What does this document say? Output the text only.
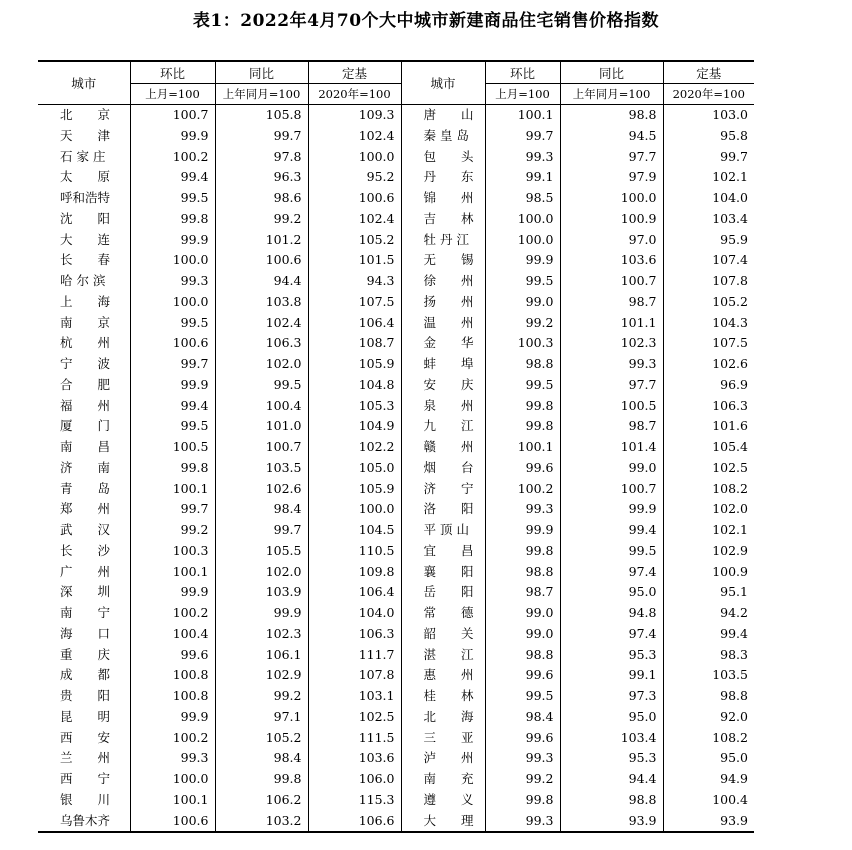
表1：2022年4月70个大中城市新建商品住宅销售价格指数
城市	环比	同比	定基	城市	环比	同比	定基
	上月=100	上年同月=100	2020年=100		上月=100	上年同月=100	2020年=100
北　　京	100.7	105.8	109.3	唐　　山	100.1	98.8	103.0
天　　津	99.9	99.7	102.4	秦 皇 岛	99.7	94.5	95.8
石 家 庄	100.2	97.8	100.0	包　　头	99.3	97.7	99.7
太　　原	99.4	96.3	95.2	丹　　东	99.1	97.9	102.1
呼和浩特	99.5	98.6	100.6	锦　　州	98.5	100.0	104.0
沈　　阳	99.8	99.2	102.4	吉　　林	100.0	100.9	103.4
大　　连	99.9	101.2	105.2	牡 丹 江	100.0	97.0	95.9
长　　春	100.0	100.6	101.5	无　　锡	99.9	103.6	107.4
哈 尔 滨	99.3	94.4	94.3	徐　　州	99.5	100.7	107.8
上　　海	100.0	103.8	107.5	扬　　州	99.0	98.7	105.2
南　　京	99.5	102.4	106.4	温　　州	99.2	101.1	104.3
杭　　州	100.6	106.3	108.7	金　　华	100.3	102.3	107.5
宁　　波	99.7	102.0	105.9	蚌　　埠	98.8	99.3	102.6
合　　肥	99.9	99.5	104.8	安　　庆	99.5	97.7	96.9
福　　州	99.4	100.4	105.3	泉　　州	99.8	100.5	106.3
厦　　门	99.5	101.0	104.9	九　　江	99.8	98.7	101.6
南　　昌	100.5	100.7	102.2	赣　　州	100.1	101.4	105.4
济　　南	99.8	103.5	105.0	烟　　台	99.6	99.0	102.5
青　　岛	100.1	102.6	105.9	济　　宁	100.2	100.7	108.2
郑　　州	99.7	98.4	100.0	洛　　阳	99.3	99.9	102.0
武　　汉	99.2	99.7	104.5	平 顶 山	99.9	99.4	102.1
长　　沙	100.3	105.5	110.5	宜　　昌	99.8	99.5	102.9
广　　州	100.1	102.0	109.8	襄　　阳	98.8	97.4	100.9
深　　圳	99.9	103.9	106.4	岳　　阳	98.7	95.0	95.1
南　　宁	100.2	99.9	104.0	常　　德	99.0	94.8	94.2
海　　口	100.4	102.3	106.3	韶　　关	99.0	97.4	99.4
重　　庆	99.6	106.1	111.7	湛　　江	98.8	95.3	98.3
成　　都	100.8	102.9	107.8	惠　　州	99.6	99.1	103.5
贵　　阳	100.8	99.2	103.1	桂　　林	99.5	97.3	98.8
昆　　明	99.9	97.1	102.5	北　　海	98.4	95.0	92.0
西　　安	100.2	105.2	111.5	三　　亚	99.6	103.4	108.2
兰　　州	99.3	98.4	103.6	泸　　州	99.3	95.3	95.0
西　　宁	100.0	99.8	106.0	南　　充	99.2	94.4	94.9
银　　川	100.1	106.2	115.3	遵　　义	99.8	98.8	100.4
乌鲁木齐	100.6	103.2	106.6	大　　理	99.3	93.9	93.9
